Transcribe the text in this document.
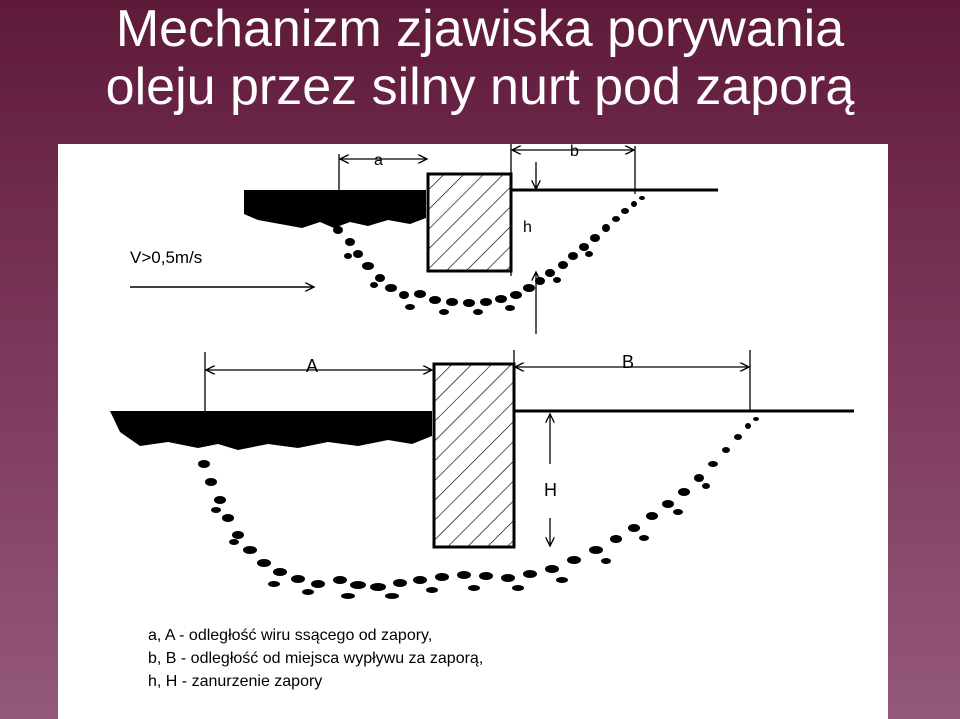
Mechanizm zjawiska porywania
oleju przez silny nurt pod zaporą
a
b
h
V>0,5m/s
A	B
H
a, A - odległość wiru ssącego od zapory,
b, B - odległość od miejsca wypływu za zaporą,
h, H - zanurzenie zapory
